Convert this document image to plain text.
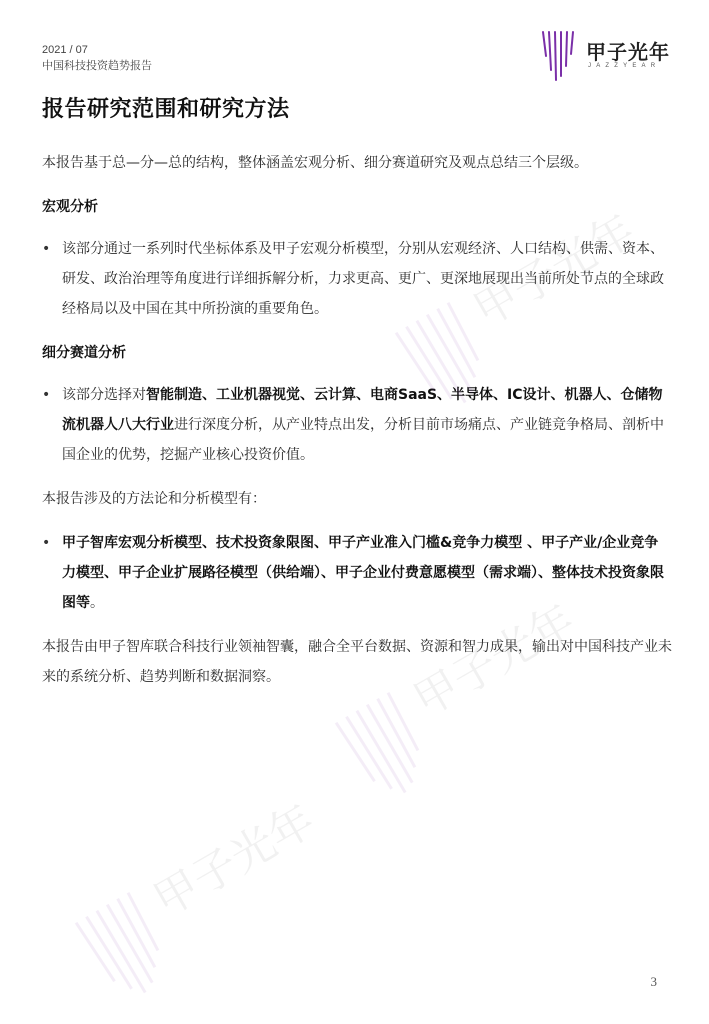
2021 / 07
中国科技投资趋势报告
甲子光年
JAZZYEAR
报告研究范围和研究方法

本报告基于总—分—总的结构，整体涵盖宏观分析、细分赛道研究及观点总结三个层级。

宏观分析

• 该部分通过一系列时代坐标体系及甲子宏观分析模型，分别从宏观经济、人口结构、供需、资本、研发、政治治理等角度进行详细拆解分析，力求更高、更广、更深地展现出当前所处节点的全球政经格局以及中国在其中所扮演的重要角色。

细分赛道分析

• 该部分选择对智能制造、工业机器视觉、云计算、电商SaaS、半导体、IC设计、机器人、仓储物流机器人八大行业进行深度分析，从产业特点出发，分析目前市场痛点、产业链竞争格局、剖析中国企业的优势，挖掘产业核心投资价值。

本报告涉及的方法论和分析模型有：

• 甲子智库宏观分析模型、技术投资象限图、甲子产业准入门槛&竞争力模型 、甲子产业/企业竞争力模型、甲子企业扩展路径模型（供给端）、甲子企业付费意愿模型（需求端）、整体技术投资象限图等。

本报告由甲子智库联合科技行业领袖智囊，融合全平台数据、资源和智力成果，输出对中国科技产业未来的系统分析、趋势判断和数据洞察。

甲子光年
甲子光年
甲子光年
3
